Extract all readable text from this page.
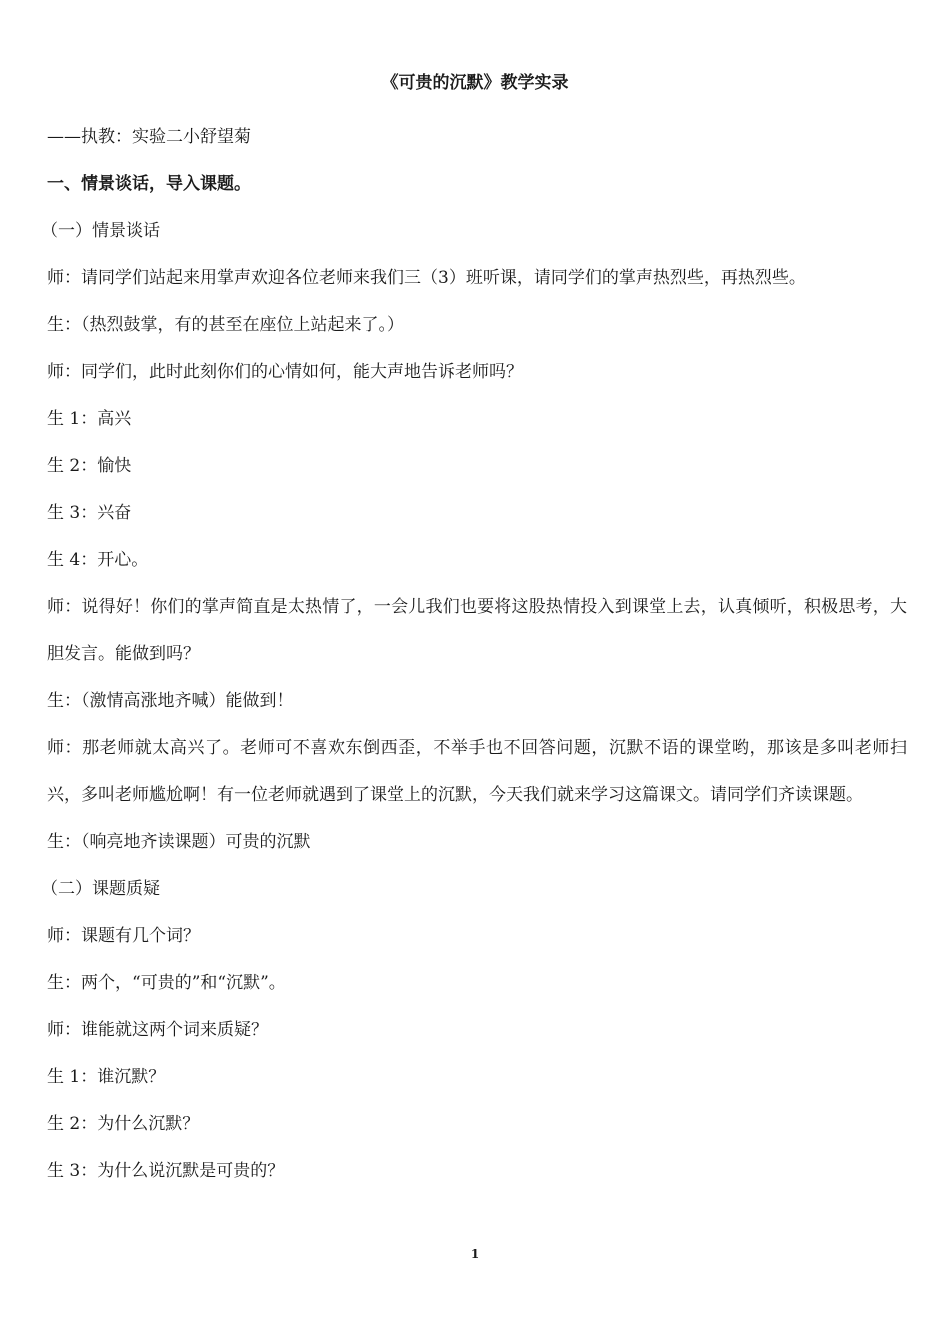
《可贵的沉默》教学实录

——执教：实验二小舒望菊

一、情景谈话，导入课题。

（一）情景谈话

师：请同学们站起来用掌声欢迎各位老师来我们三（3）班听课，请同学们的掌声热烈些，再热烈些。

生：（热烈鼓掌，有的甚至在座位上站起来了。）

师：同学们，此时此刻你们的心情如何，能大声地告诉老师吗？

生 1：高兴

生 2：愉快

生 3：兴奋

生 4：开心。

师：说得好！你们的掌声简直是太热情了，一会儿我们也要将这股热情投入到课堂上去，认真倾听，积极思考，大胆发言。能做到吗？

生：（激情高涨地齐喊）能做到！

师：那老师就太高兴了。老师可不喜欢东倒西歪，不举手也不回答问题，沉默不语的课堂哟，那该是多叫老师扫兴，多叫老师尴尬啊！有一位老师就遇到了课堂上的沉默，今天我们就来学习这篇课文。请同学们齐读课题。

生：（响亮地齐读课题）可贵的沉默

（二）课题质疑

师：课题有几个词？

生：两个，“可贵的”和“沉默”。

师：谁能就这两个词来质疑？

生 1：谁沉默？

生 2：为什么沉默？

生 3：为什么说沉默是可贵的？

1
